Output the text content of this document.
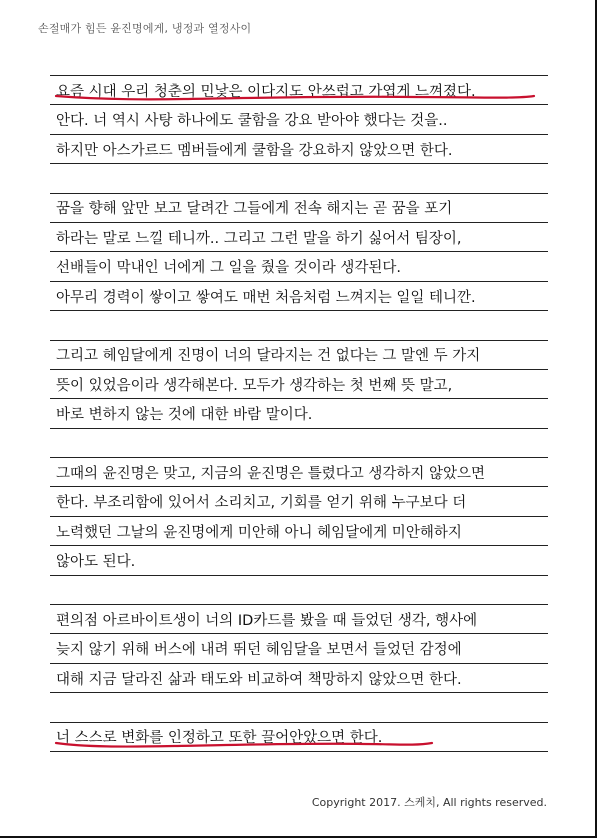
손절매가 힘든 윤진명에게, 냉정과 열정사이
요즘 시대 우리 청춘의 민낯은 이다지도 안쓰럽고 가엽게 느껴졌다.
안다. 너 역시 사탕 하나에도 쿨함을 강요 받아야 했다는 것을..
하지만 아스가르드 멤버들에게 쿨함을 강요하지 않았으면 한다.
꿈을 향해 앞만 보고 달려간 그들에게 전속 해지는 곧 꿈을 포기
하라는 말로 느낄 테니까.. 그리고 그런 말을 하기 싫어서 팀장이,
선배들이 막내인 너에게 그 일을 줬을 것이라 생각된다.
아무리 경력이 쌓이고 쌓여도 매번 처음처럼 느껴지는 일일 테니깐.
그리고 헤임달에게 진명이 너의 달라지는 건 없다는 그 말엔 두 가지
뜻이 있었음이라 생각해본다. 모두가 생각하는 첫 번째 뜻 말고,
바로 변하지 않는 것에 대한 바람 말이다.
그때의 윤진명은 맞고, 지금의 윤진명은 틀렸다고 생각하지 않았으면
한다. 부조리함에 있어서 소리치고, 기회를 얻기 위해 누구보다 더
노력했던 그날의 윤진명에게 미안해 아니 헤임달에게 미안해하지
않아도 된다.
편의점 아르바이트생이 너의 ID카드를 봤을 때 들었던 생각, 행사에
늦지 않기 위해 버스에 내려 뛰던 헤임달을 보면서 들었던 감정에
대해 지금 달라진 삶과 태도와 비교하여 책망하지 않았으면 한다.
너 스스로 변화를 인정하고 또한 끌어안았으면 한다.
Copyright 2017. 스케치, All rights reserved.
